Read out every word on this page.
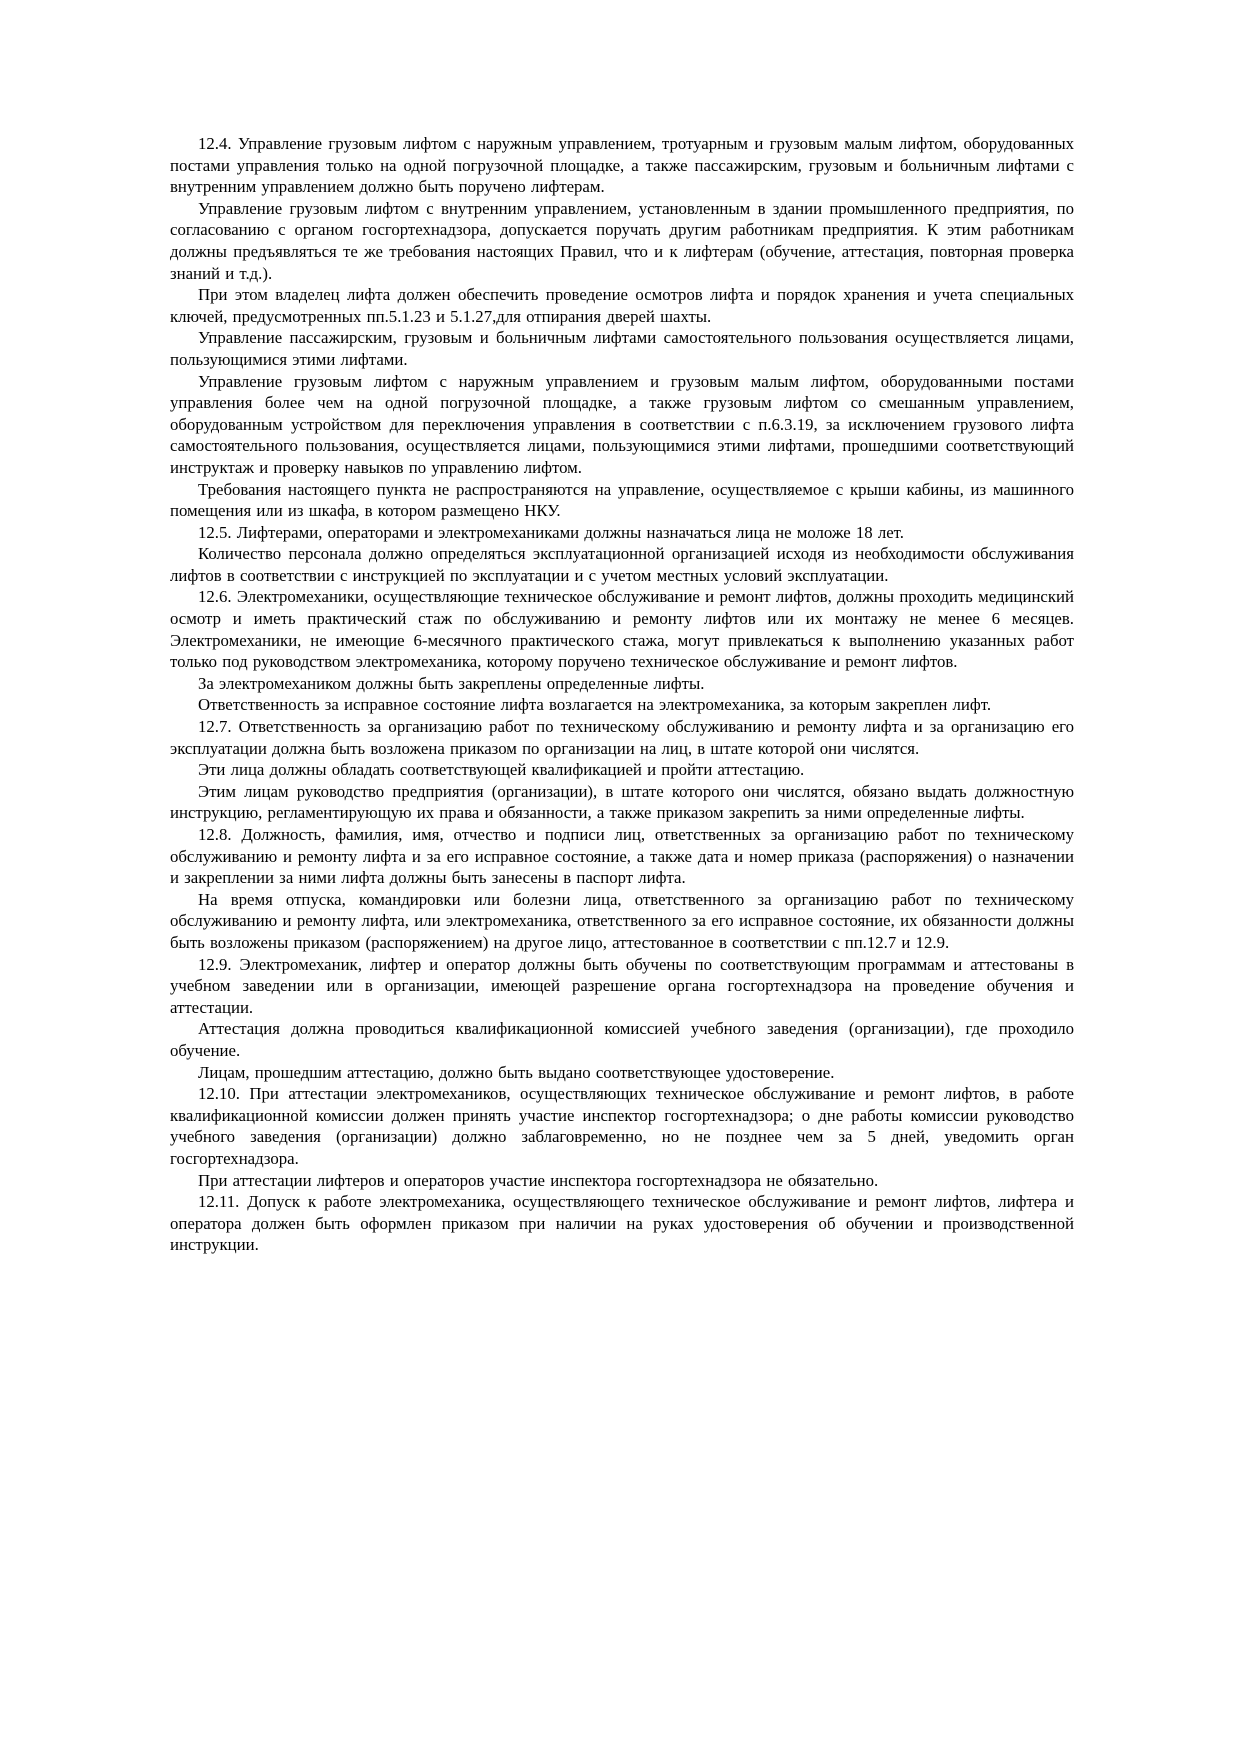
12.4. Управление грузовым лифтом с наружным управлением, тротуарным и грузовым малым лифтом, оборудованных постами управления только на одной погрузочной площадке, а также пассажирским, грузовым и больничным лифтами с внутренним управлением должно быть поручено лифтерам.

Управление грузовым лифтом с внутренним управлением, установленным в здании промышленного предприятия, по согласованию с органом госгортехнадзора, допускается поручать другим работникам предприятия. К этим работникам должны предъявляться те же требования настоящих Правил, что и к лифтерам (обучение, аттестация, повторная проверка знаний и т.д.).

При этом владелец лифта должен обеспечить проведение осмотров лифта и порядок хранения и учета специальных ключей, предусмотренных пп.5.1.23 и 5.1.27,для отпирания дверей шахты.

Управление пассажирским, грузовым и больничным лифтами самостоятельного пользования осуществляется лицами, пользующимися этими лифтами.

Управление грузовым лифтом с наружным управлением и грузовым малым лифтом, оборудованными постами управления более чем на одной погрузочной площадке, а также грузовым лифтом со смешанным управлением, оборудованным устройством для переключения управления в соответствии с п.6.3.19, за исключением грузового лифта самостоятельного пользования, осуществляется лицами, пользующимися этими лифтами, прошедшими соответствующий инструктаж и проверку навыков по управлению лифтом.

Требования настоящего пункта не распространяются на управление, осуществляемое с крыши кабины, из машинного помещения или из шкафа, в котором размещено НКУ.

12.5. Лифтерами, операторами и электромеханиками должны назначаться лица не моложе 18 лет.

Количество персонала должно определяться эксплуатационной организацией исходя из необходимости обслуживания лифтов в соответствии с инструкцией по эксплуатации и с учетом местных условий эксплуатации.

12.6. Электромеханики, осуществляющие техническое обслуживание и ремонт лифтов, должны проходить медицинский осмотр и иметь практический стаж по обслуживанию и ремонту лифтов или их монтажу не менее 6 месяцев. Электромеханики, не имеющие 6-месячного практического стажа, могут привлекаться к выполнению указанных работ только под руководством электромеханика, которому поручено техническое обслуживание и ремонт лифтов.

За электромехаником должны быть закреплены определенные лифты.

Ответственность за исправное состояние лифта возлагается на электромеханика, за которым закреплен лифт.

12.7. Ответственность за организацию работ по техническому обслуживанию и ремонту лифта и за организацию его эксплуатации должна быть возложена приказом по организации на лиц, в штате которой они числятся.

Эти лица должны обладать соответствующей квалификацией и пройти аттестацию.

Этим лицам руководство предприятия (организации), в штате которого они числятся, обязано выдать должностную инструкцию, регламентирующую их права и обязанности, а также приказом закрепить за ними определенные лифты.

12.8. Должность, фамилия, имя, отчество и подписи лиц, ответственных за организацию работ по техническому обслуживанию и ремонту лифта и за его исправное состояние, а также дата и номер приказа (распоряжения) о назначении и закреплении за ними лифта должны быть занесены в паспорт лифта.

На время отпуска, командировки или болезни лица, ответственного за организацию работ по техническому обслуживанию и ремонту лифта, или электромеханика, ответственного за его исправное состояние, их обязанности должны быть возложены приказом (распоряжением) на другое лицо, аттестованное в соответствии с пп.12.7 и 12.9.

12.9. Электромеханик, лифтер и оператор должны быть обучены по соответствующим программам и аттестованы в учебном заведении или в организации, имеющей разрешение органа госгортехнадзора на проведение обучения и аттестации.

Аттестация должна проводиться квалификационной комиссией учебного заведения (организации), где проходило обучение.

Лицам, прошедшим аттестацию, должно быть выдано соответствующее удостоверение.

12.10. При аттестации электромехаников, осуществляющих техническое обслуживание и ремонт лифтов, в работе квалификационной комиссии должен принять участие инспектор госгортехнадзора; о дне работы комиссии руководство учебного заведения (организации) должно заблаговременно, но не позднее чем за 5 дней, уведомить орган госгортехнадзора.

При аттестации лифтеров и операторов участие инспектора госгортехнадзора не обязательно.

12.11. Допуск к работе электромеханика, осуществляющего техническое обслуживание и ремонт лифтов, лифтера и оператора должен быть оформлен приказом при наличии на руках удостоверения об обучении и производственной инструкции.
